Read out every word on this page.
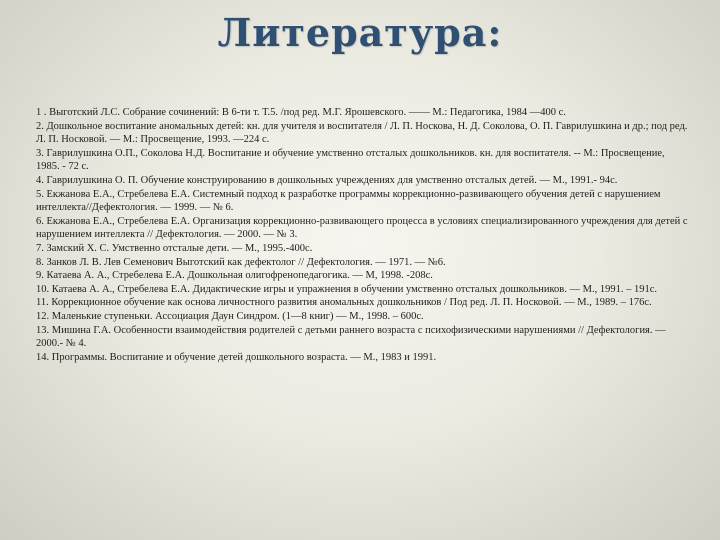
Литература:
1 . Выготский Л.С. Собрание сочинений: В 6-ти т. Т.5. /под ред. М.Г. Ярошевского. —— М.: Педагогика, 1984 —400 с.
2. Дошкольное воспитание аномальных детей: кн. для учителя и воспитателя / Л. П. Носкова, Н. Д. Соколова, О. П. Гаврилушкина и др.; под ред. Л. П. Носковой. — М.: Просвещение, 1993. —224 с.
3. Гаврилушкина О.П., Соколова Н.Д. Воспитание и обучение умственно отсталых дошкольников. кн. для воспитателя. -- М.: Просвещение, 1985. - 72 с.
4. Гаврилушкина О. П. Обучение конструированию в дошкольных учреждениях для умственно отсталых детей. — М., 1991.- 94с.
5. Екжанова Е.А., Стребелева Е.А. Системный подход к разработке программы коррекционно-развивающего обучения детей с нарушением интеллекта//Дефектология. — 1999. — № 6.
6. Екжанова Е.А., Стребелева Е.А. Организация коррекционно-развивающего процесса в условиях специализированного учреждения для детей с нарушением интеллекта // Дефектология. — 2000. — № 3.
7. Замский Х. С. Умственно отсталые дети. — М., 1995.-400с.
8. Занков Л. В. Лев Семенович Выготский как дефектолог // Дефектология. — 1971. — №6.
9. Катаева А. А., Стребелева Е.А. Дошкольная олигофренопедагогика. — М, 1998. -208с.
10. Катаева А. А., Стребелева Е.А. Дидактические игры и упражнения в обучении умственно отсталых дошкольников. — М., 1991. – 191с.
11. Коррекционное обучение как основа личностного развития аномальных дошкольников / Под ред. Л. П. Носковой. — М., 1989. – 176с.
12. Маленькие ступеньки. Ассоциация Даун Синдром. (1—8 книг) — М., 1998. – 600с.
13. Мишина Г.А. Особенности взаимодействия родителей с детьми раннего возраста с психофизическими нарушениями // Дефектология. — 2000.- № 4.
14. Программы. Воспитание и обучение детей дошкольного возраста. — М., 1983 и 1991.
